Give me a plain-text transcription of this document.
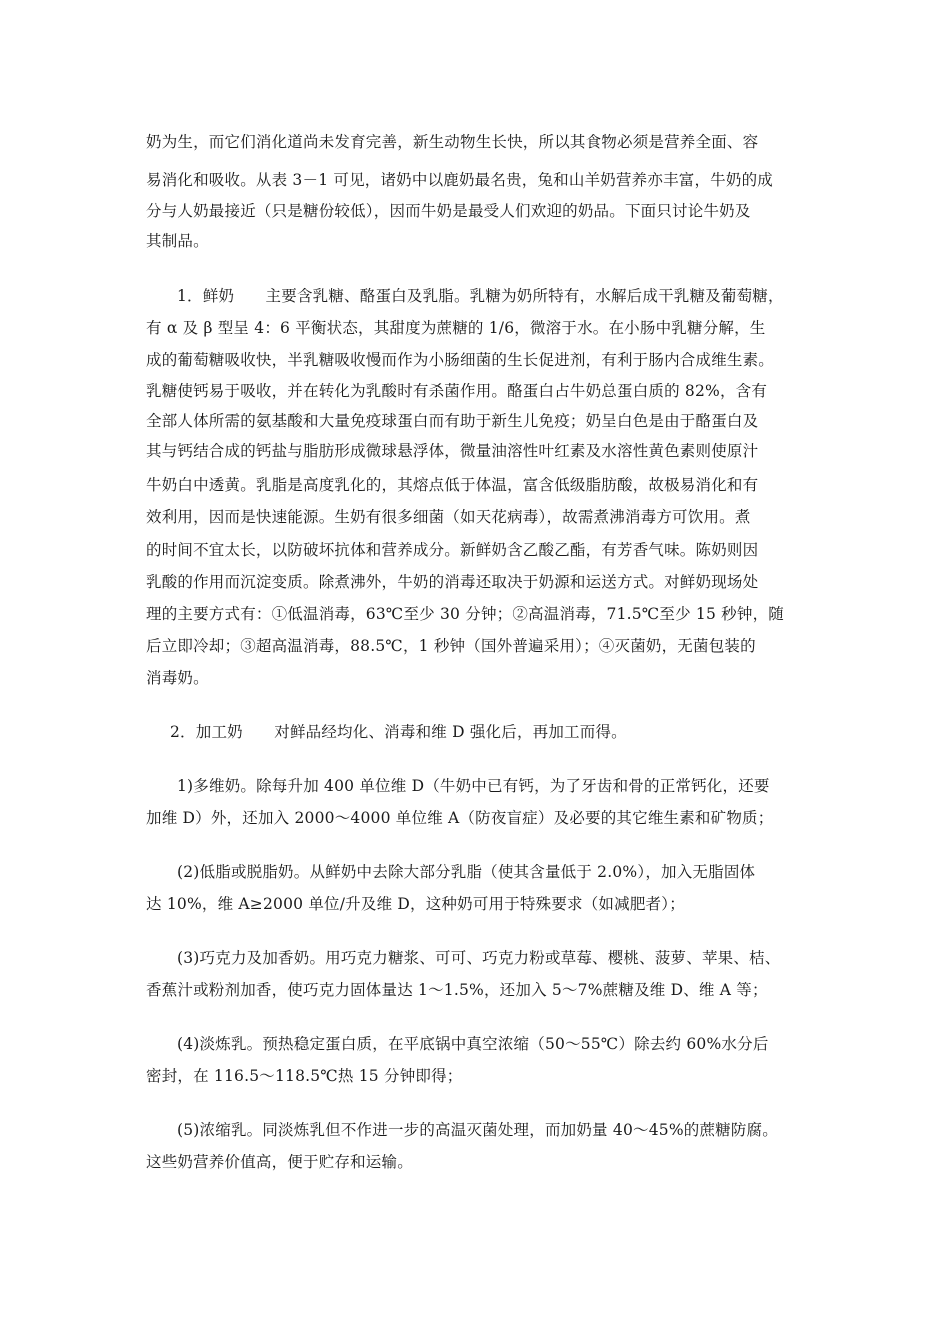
奶为生，而它们消化道尚未发育完善，新生动物生长快，所以其食物必须是营养全面、容
易消化和吸收。从表 3－1 可见，诸奶中以鹿奶最名贵，兔和山羊奶营养亦丰富，牛奶的成
分与人奶最接近（只是糖份较低），因而牛奶是最受人们欢迎的奶品。下面只讨论牛奶及
其制品。
1．鲜奶　　主要含乳糖、酪蛋白及乳脂。乳糖为奶所特有，水解后成干乳糖及葡萄糖，
有 α 及 β 型呈 4：6 平衡状态，其甜度为蔗糖的 1/6，微溶于水。在小肠中乳糖分解，生
成的葡萄糖吸收快，半乳糖吸收慢而作为小肠细菌的生长促进剂，有利于肠内合成维生素。
乳糖使钙易于吸收，并在转化为乳酸时有杀菌作用。酪蛋白占牛奶总蛋白质的 82%，含有
全部人体所需的氨基酸和大量免疫球蛋白而有助于新生儿免疫；奶呈白色是由于酪蛋白及
其与钙结合成的钙盐与脂肪形成微球悬浮体，微量油溶性叶红素及水溶性黄色素则使原汁
牛奶白中透黄。乳脂是高度乳化的，其熔点低于体温，富含低级脂肪酸，故极易消化和有
效利用，因而是快速能源。生奶有很多细菌（如天花病毒），故需煮沸消毒方可饮用。煮
的时间不宜太长，以防破坏抗体和营养成分。新鲜奶含乙酸乙酯，有芳香气味。陈奶则因
乳酸的作用而沉淀变质。除煮沸外，牛奶的消毒还取决于奶源和运送方式。对鲜奶现场处
理的主要方式有：①低温消毒，63℃至少 30 分钟；②高温消毒，71.5℃至少 15 秒钟，随
后立即冷却；③超高温消毒，88.5℃，1 秒钟（国外普遍采用）；④灭菌奶，无菌包装的
消毒奶。
2．加工奶　　对鲜品经均化、消毒和维 D 强化后，再加工而得。
1)多维奶。除每升加 400 单位维 D（牛奶中已有钙，为了牙齿和骨的正常钙化，还要
加维 D）外，还加入 2000～4000 单位维 A（防夜盲症）及必要的其它维生素和矿物质；
(2)低脂或脱脂奶。从鲜奶中去除大部分乳脂（使其含量低于 2.0%），加入无脂固体
达 10%，维 A≥2000 单位/升及维 D，这种奶可用于特殊要求（如减肥者）；
(3)巧克力及加香奶。用巧克力糖浆、可可、巧克力粉或草莓、樱桃、菠萝、苹果、桔、
香蕉汁或粉剂加香，使巧克力固体量达 1～1.5%，还加入 5～7%蔗糖及维 D、维 A 等；
(4)淡炼乳。预热稳定蛋白质，在平底锅中真空浓缩（50～55℃）除去约 60%水分后
密封，在 116.5～118.5℃热 15 分钟即得；
(5)浓缩乳。同淡炼乳但不作进一步的高温灭菌处理，而加奶量 40～45%的蔗糖防腐。
这些奶营养价值高，便于贮存和运输。
